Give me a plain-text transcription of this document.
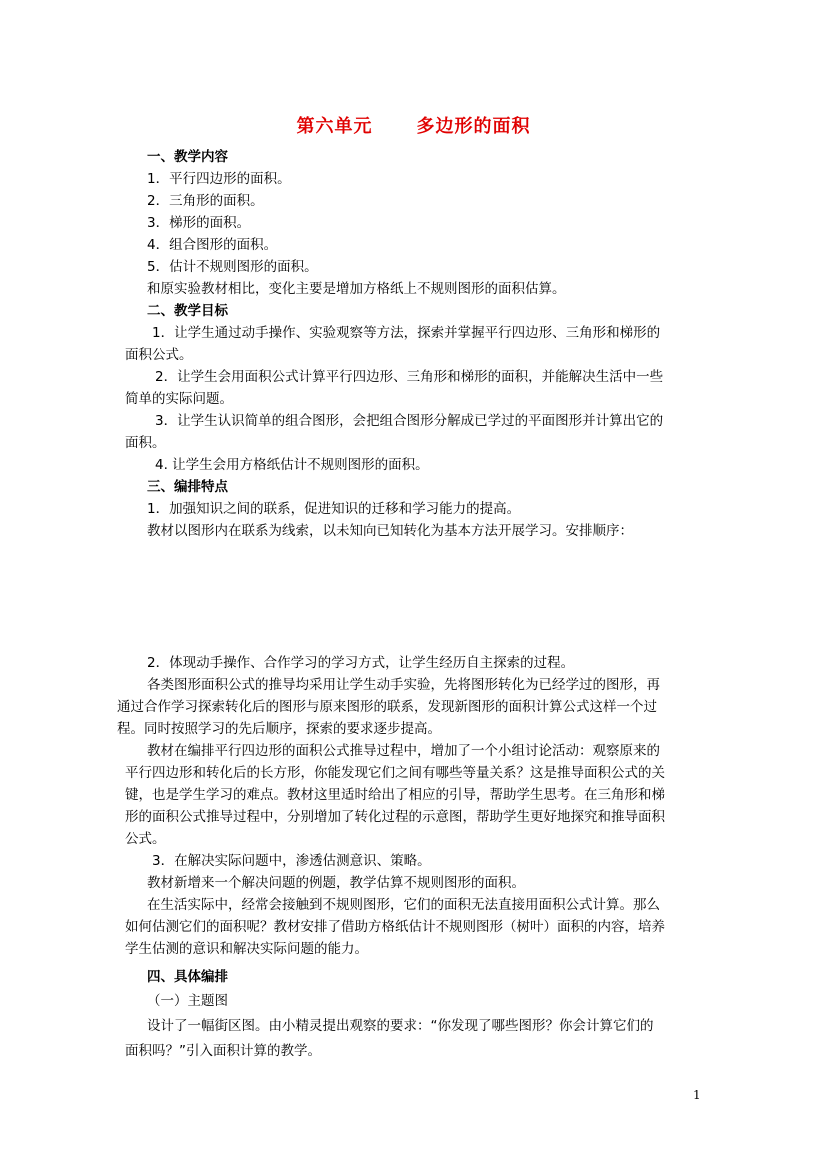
第六单元 多边形的面积
一、教学内容
1．平行四边形的面积。
2．三角形的面积。
3．梯形的面积。
4．组合图形的面积。
5．估计不规则图形的面积。
和原实验教材相比，变化主要是增加方格纸上不规则图形的面积估算。
二、教学目标
1．让学生通过动手操作、实验观察等方法，探索并掌握平行四边形、三角形和梯形的
面积公式。
2．让学生会用面积公式计算平行四边形、三角形和梯形的面积，并能解决生活中一些
简单的实际问题。
3．让学生认识简单的组合图形，会把组合图形分解成已学过的平面图形并计算出它的
面积。
4. 让学生会用方格纸估计不规则图形的面积。
三、编排特点
1．加强知识之间的联系，促进知识的迁移和学习能力的提高。
教材以图形内在联系为线索，以未知向已知转化为基本方法开展学习。安排顺序：
2．体现动手操作、合作学习的学习方式，让学生经历自主探索的过程。
各类图形面积公式的推导均采用让学生动手实验，先将图形转化为已经学过的图形，再
通过合作学习探索转化后的图形与原来图形的联系，发现新图形的面积计算公式这样一个过
程。同时按照学习的先后顺序，探索的要求逐步提高。
教材在编排平行四边形的面积公式推导过程中，增加了一个小组讨论活动：观察原来的
平行四边形和转化后的长方形，你能发现它们之间有哪些等量关系？这是推导面积公式的关
键，也是学生学习的难点。教材这里适时给出了相应的引导，帮助学生思考。在三角形和梯
形的面积公式推导过程中，分别增加了转化过程的示意图，帮助学生更好地探究和推导面积
公式。
3．在解决实际问题中，渗透估测意识、策略。
教材新增来一个解决问题的例题，教学估算不规则图形的面积。
在生活实际中，经常会接触到不规则图形，它们的面积无法直接用面积公式计算。那么
如何估测它们的面积呢？教材安排了借助方格纸估计不规则图形（树叶）面积的内容，培养
学生估测的意识和解决实际问题的能力。
四、具体编排
（一）主题图
设计了一幅街区图。由小精灵提出观察的要求：“你发现了哪些图形？你会计算它们的
面积吗？”引入面积计算的教学。
1
